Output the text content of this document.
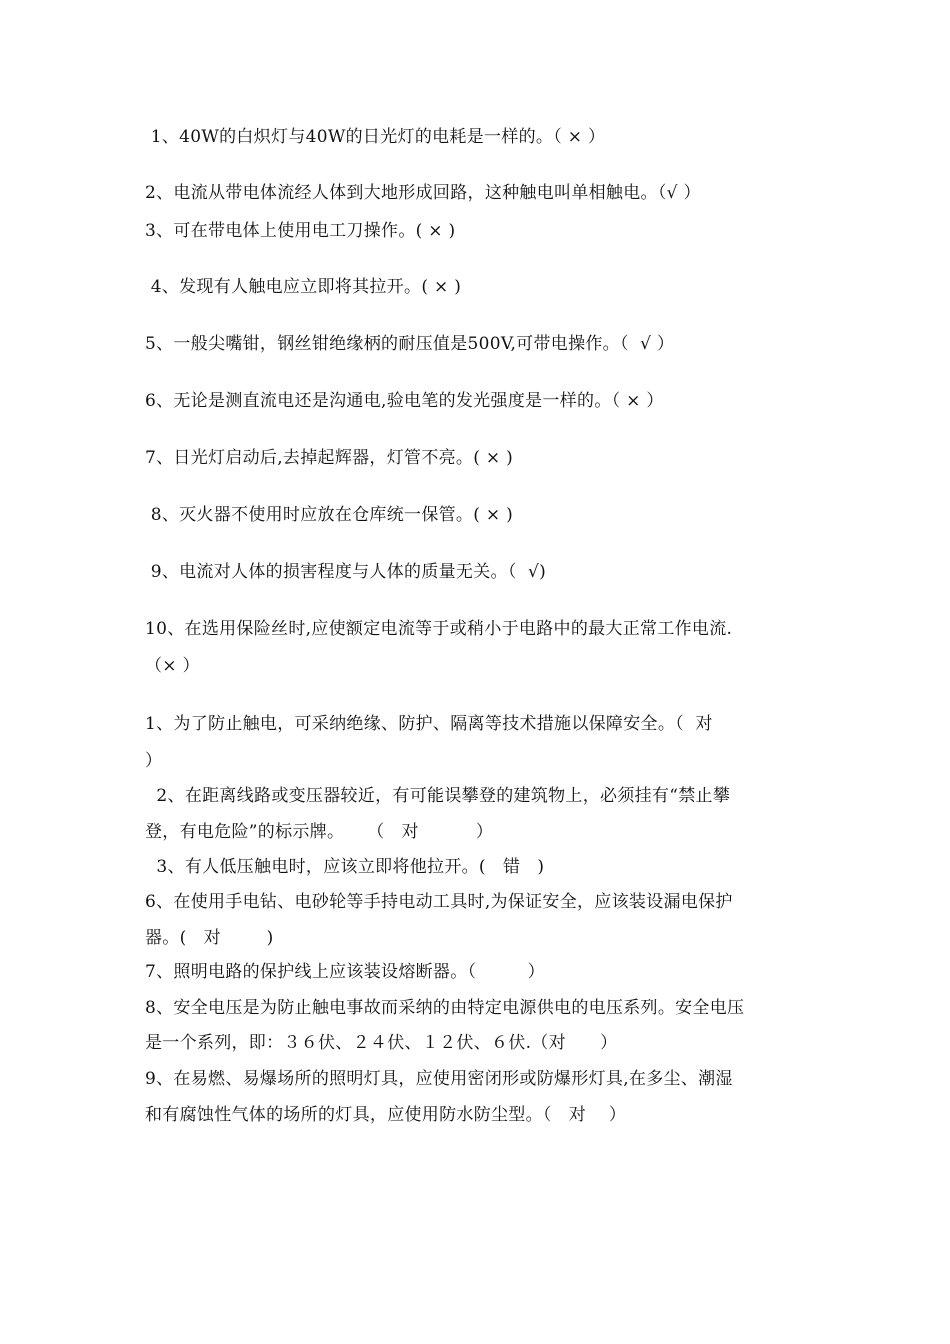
1、40W的白炽灯与40W的日光灯的电耗是一样的。（ × ）
2、电流从带电体流经人体到大地形成回路，这种触电叫单相触电。（√ ）
3、可在带电体上使用电工刀操作。( × )
4、发现有人触电应立即将其拉开。( × )
5、一般尖嘴钳，钢丝钳绝缘柄的耐压值是500V,可带电操作。（  √ ）
6、无论是测直流电还是沟通电,验电笔的发光强度是一样的。（ × ）
7、日光灯启动后,去掉起辉器，灯管不亮。( × )
8、灭火器不使用时应放在仓库统一保管。( × )
9、电流对人体的损害程度与人体的质量无关。（  √)
10、在选用保险丝时,应使额定电流等于或稍小于电路中的最大正常工作电流.
（× ）
1、为了防止触电，可采纳绝缘、防护、隔离等技术措施以保障安全。（  对
）
2、在距离线路或变压器较近，有可能误攀登的建筑物上，必须挂有“禁止攀
登，有电危险”的标示牌。    （   对          ）
3、有人低压触电时，应该立即将他拉开。(   错   )
6、在使用手电钻、电砂轮等手持电动工具时,为保证安全，应该装设漏电保护
器。(   对        )
7、照明电路的保护线上应该装设熔断器。（         ）
8、安全电压是为防止触电事故而采纳的由特定电源供电的电压系列。安全电压
是一个系列，即：３６伏、２４伏、１２伏、６伏.（对      ）
9、在易燃、易爆场所的照明灯具，应使用密闭形或防爆形灯具,在多尘、潮湿
和有腐蚀性气体的场所的灯具，应使用防水防尘型。（   对    ）
